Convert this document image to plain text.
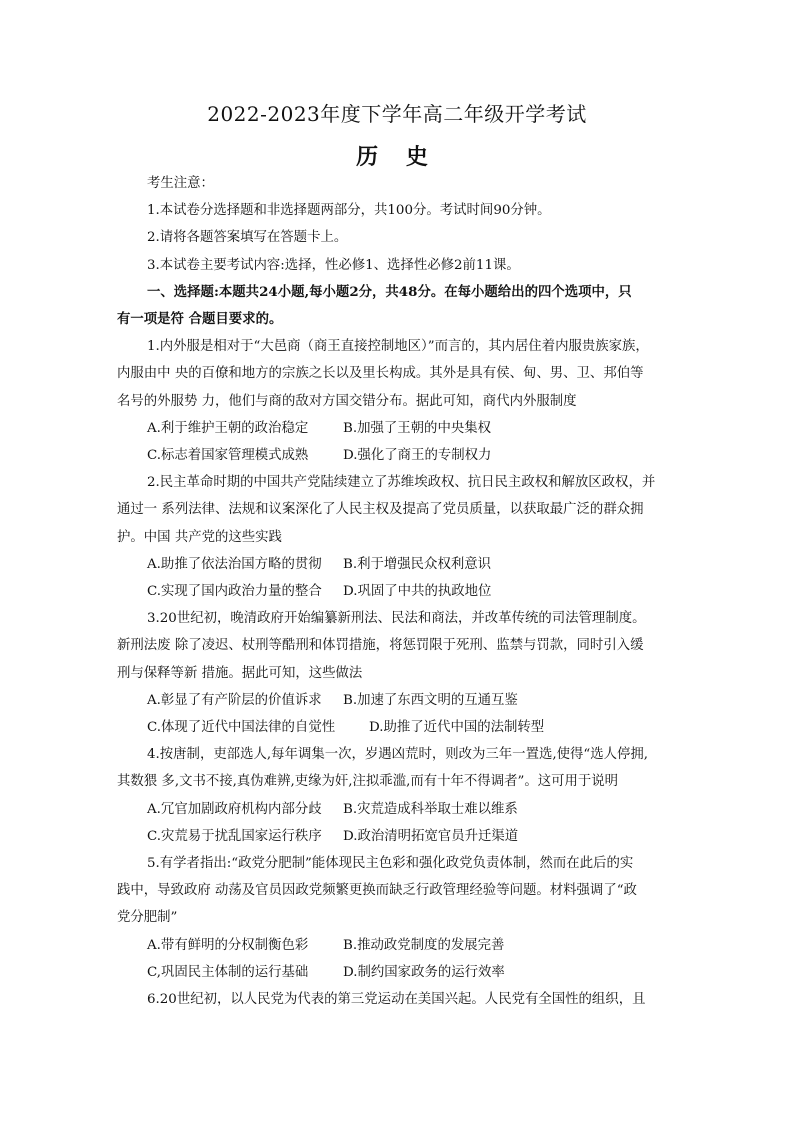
2022-2023年度下学年高二年级开学考试
历 史

考生注意：

1.本试卷分选择题和非选择题两部分，共100分。考试时间90分钟。

2.请将各题答案填写在答题卡上。

3.本试卷主要考试内容:选择，性必修1、选择性必修2前11课。

一、选择题:本题共24小题,每小题2分，共48分。在每小题给出的四个选项中，只

有一项是符 合题目要求的。

1.内外服是相对于“大邑商（商王直接控制地区）”而言的，其内居住着内服贵族家族，

内服由中 央的百僚和地方的宗族之长以及里长构成。其外是具有侯、甸、男、卫、邦伯等

名号的外服势 力，他们与商的敌对方国交错分布。据此可知，商代内外服制度

A.利于维护王朝的政治稳定	B.加强了王朝的中央集权

C.标志着国家管理模式成熟	D.强化了商王的专制权力

2.民主革命时期的中国共产党陆续建立了苏维埃政权、抗日民主政权和解放区政权，并

通过一 系列法律、法规和议案深化了人民主权及提高了党员质量，以获取最广泛的群众拥

护。中国 共产党的这些实践

A.助推了依法治国方略的贯彻 B.利于增强民众权利意识

C.实现了国内政治力量的整合 D.巩固了中共的执政地位

3.20世纪初，晚清政府开始编纂新刑法、民法和商法，并改革传统的司法管理制度。

新刑法废 除了凌迟、杖刑等酷刑和体罚措施，将惩罚限于死刑、监禁与罚款，同时引入缓

刑与保释等新 措施。据此可知，这些做法

A.彰显了有产阶层的价值诉求 B.加速了东西文明的互通互鉴

C.体现了近代中国法律的自觉性	D.助推了近代中国的法制转型

4.按唐制，吏部选人,每年调集一次，岁遇凶荒时，则改为三年一置选,使得“选人停拥,

其数猥 多,文书不接,真伪难辨,吏缘为奸,注拟乖滥,而有十年不得调者”。这可用于说明

A.冗官加剧政府机构内部分歧 B.灾荒造成科举取士难以维系

C.灾荒易于扰乱国家运行秩序 D.政治清明拓宽官员升迁渠道

5.有学者指出:“政党分肥制”能体现民主色彩和强化政党负责体制，然而在此后的实

践中，导致政府 动荡及官员因政党频繁更换而缺乏行政管理经验等问题。材料强调了“政

党分肥制”

A.带有鲜明的分权制衡色彩	B.推动政党制度的发展完善

C,巩固民主体制的运行基础	D.制约国家政务的运行效率

6.20世纪初，以人民党为代表的第三党运动在美国兴起。人民党有全国性的组织，且
